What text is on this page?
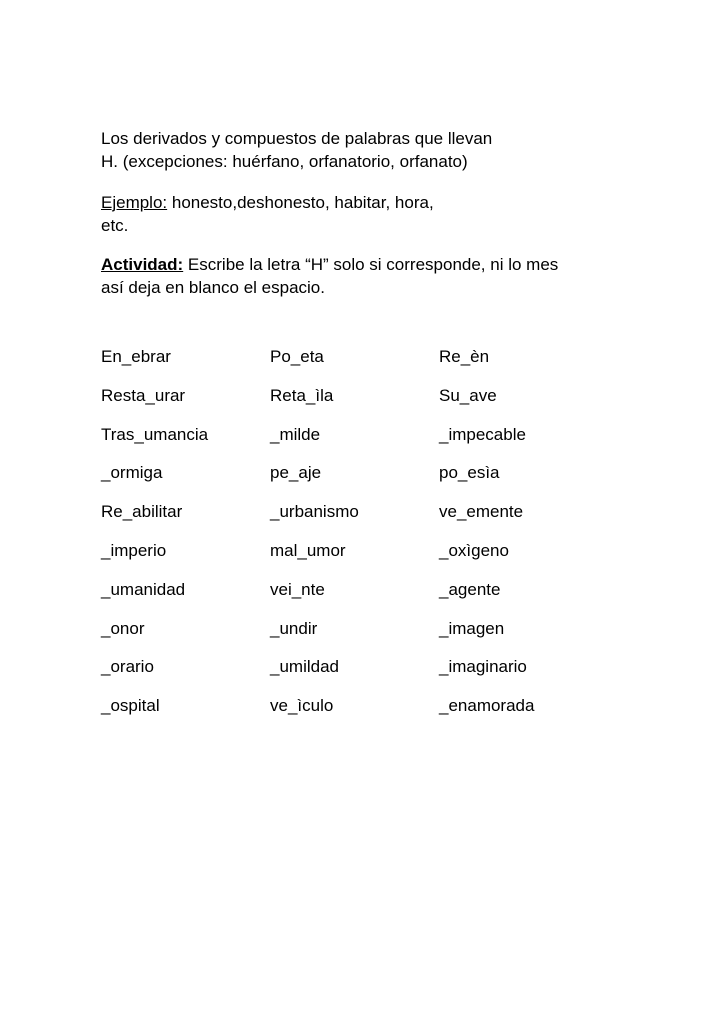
Los derivados y compuestos de palabras que llevan
H. (excepciones: huérfano, orfanatorio, orfanato)

Ejemplo: honesto,deshonesto, habitar, hora,
etc.

Actividad: Escribe la letra “H” solo si corresponde, ni lo mes
así deja en blanco el espacio.

En_ebrar
Resta_urar
Tras_umancia
_ormiga
Re_abilitar
_imperio
_umanidad
_onor
_orario
_ospital
Po_eta
Reta_ìla
_milde
pe_aje
_urbanismo
mal_umor
vei_nte
_undir
_umildad
ve_ìculo
Re_èn
Su_ave
_impecable
po_esìa
ve_emente
_oxìgeno
_agente
_imagen
_imaginario
_enamorada
